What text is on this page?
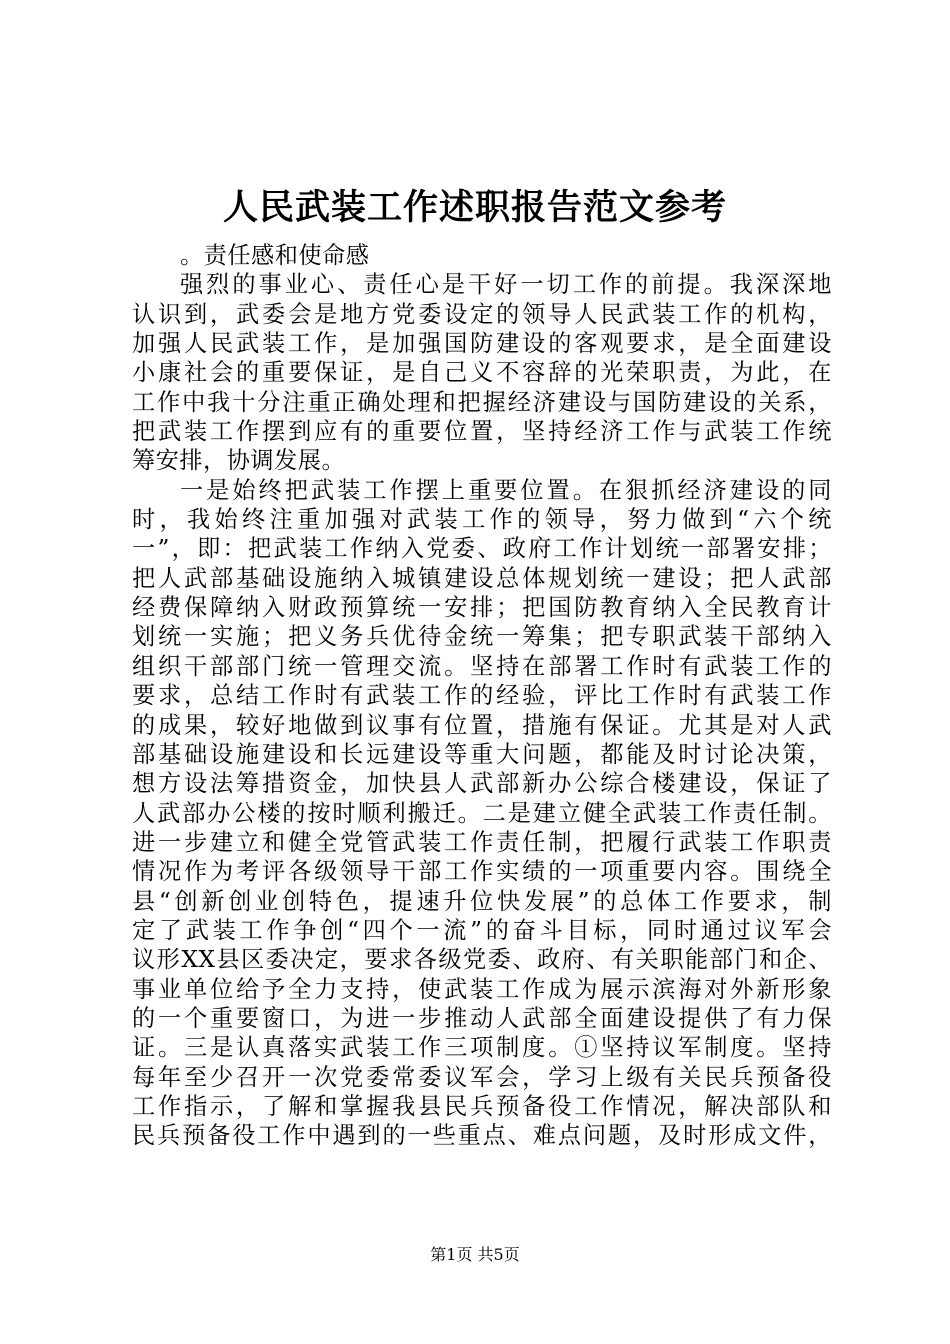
人民武装工作述职报告范文参考
。责任感和使命感
强烈的事业心、责任心是干好一切工作的前提。我深深地
认识到，武委会是地方党委设定的领导人民武装工作的机构，
加强人民武装工作，是加强国防建设的客观要求，是全面建设
小康社会的重要保证，是自己义不容辞的光荣职责，为此，在
工作中我十分注重正确处理和把握经济建设与国防建设的关系，
把武装工作摆到应有的重要位置，坚持经济工作与武装工作统
筹安排，协调发展。
一是始终把武装工作摆上重要位置。在狠抓经济建设的同
时，我始终注重加强对武装工作的领导，努力做到“六个统
一”，即：把武装工作纳入党委、政府工作计划统一部署安排；
把人武部基础设施纳入城镇建设总体规划统一建设；把人武部
经费保障纳入财政预算统一安排；把国防教育纳入全民教育计
划统一实施；把义务兵优待金统一筹集；把专职武装干部纳入
组织干部部门统一管理交流。坚持在部署工作时有武装工作的
要求，总结工作时有武装工作的经验，评比工作时有武装工作
的成果，较好地做到议事有位置，措施有保证。尤其是对人武
部基础设施建设和长远建设等重大问题，都能及时讨论决策，
想方设法筹措资金，加快县人武部新办公综合楼建设，保证了
人武部办公楼的按时顺利搬迁。二是建立健全武装工作责任制。
进一步建立和健全党管武装工作责任制，把履行武装工作职责
情况作为考评各级领导干部工作实绩的一项重要内容。围绕全
县“创新创业创特色，提速升位快发展”的总体工作要求，制
定了武装工作争创“四个一流”的奋斗目标，同时通过议军会
议形XX县区委决定，要求各级党委、政府、有关职能部门和企、
事业单位给予全力支持，使武装工作成为展示滨海对外新形象
的一个重要窗口，为进一步推动人武部全面建设提供了有力保
证。三是认真落实武装工作三项制度。①坚持议军制度。坚持
每年至少召开一次党委常委议军会，学习上级有关民兵预备役
工作指示，了解和掌握我县民兵预备役工作情况，解决部队和
民兵预备役工作中遇到的一些重点、难点问题，及时形成文件，
第1页 共5页
